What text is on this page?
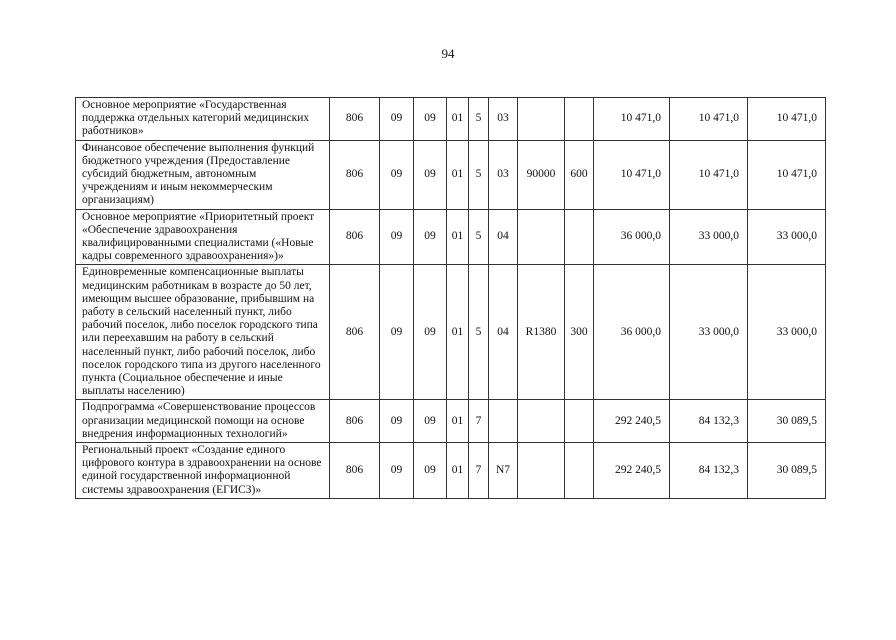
94
Основное мероприятие «Государственная поддержка отдельных категорий медицинских работников»	806	09	09	01	5	03			10 471,0	10 471,0	10 471,0
Финансовое обеспечение выполнения функций бюджетного учреждения (Предоставление субсидий бюджетным, автономным учреждениям и иным некоммерческим организациям)	806	09	09	01	5	03	90000	600	10 471,0	10 471,0	10 471,0
Основное мероприятие «Приоритетный проект «Обеспечение здравоохранения квалифицированными специалистами («Новые кадры современного здравоохранения»)»	806	09	09	01	5	04			36 000,0	33 000,0	33 000,0
Единовременные компенсационные выплаты медицинским работникам в возрасте до 50 лет, имеющим высшее образование, прибывшим на работу в сельский населенный пункт, либо рабочий поселок, либо поселок городского типа или переехавшим на работу в сельский населенный пункт, либо рабочий поселок, либо поселок городского типа из другого населенного пункта (Социальное обеспечение и иные выплаты населению)	806	09	09	01	5	04	R1380	300	36 000,0	33 000,0	33 000,0
Подпрограмма «Совершенствование процессов организации медицинской помощи на основе внедрения информационных технологий»	806	09	09	01	7				292 240,5	84 132,3	30 089,5
Региональный проект «Создание единого цифрового контура в здравоохранении на основе единой государственной информационной системы здравоохранения (ЕГИСЗ)»	806	09	09	01	7	N7			292 240,5	84 132,3	30 089,5
